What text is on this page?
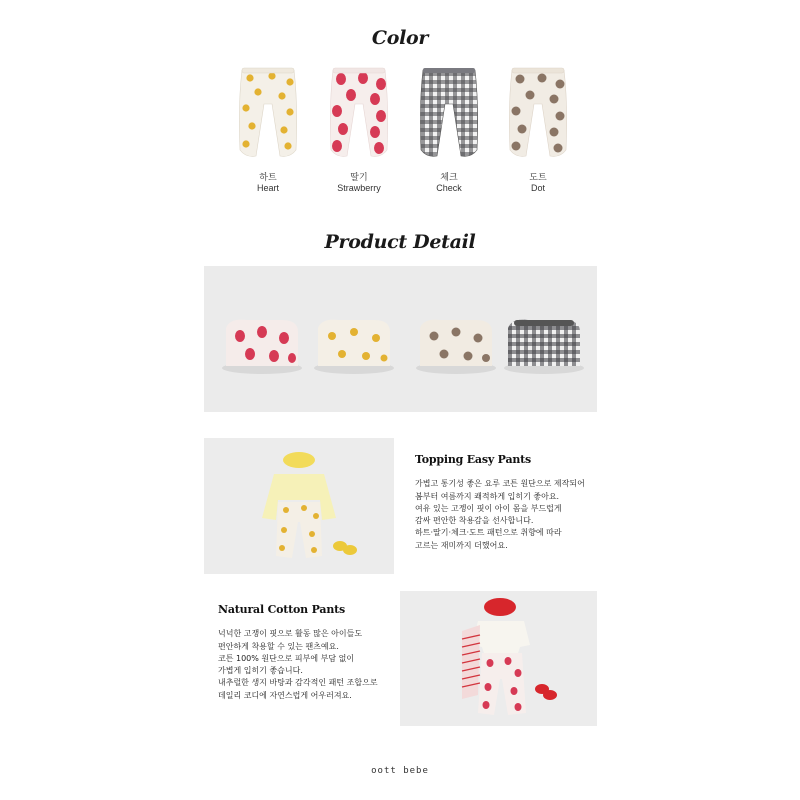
Color
하트
Heart
딸기
Strawberry
체크
Check
도트
Dot
Product Detail
Topping Easy Pants

가볍고 통기성 좋은 요루 코튼 원단으로 제작되어

봄부터 여름까지 쾌적하게 입히기 좋아요.

여유 있는 고젱이 핏이 아이 몸을 부드럽게

감싸 편안한 착용감을 선사합니다.

하트·딸기·체크·도트 패턴으로 취향에 따라

고르는 재미까지 더했어요.

Natural Cotton Pants

넉넉한 고쟁이 핏으로 활동 많은 아이들도

편안하게 착용할 수 있는 팬츠예요.

코튼 100% 원단으로 피부에 부담 없이

가볍게 입히기 좋습니다.

내추럴한 생지 바탕과 감각적인 패턴 조합으로

데일리 코디에 자연스럽게 어우러져요.

oott bebe
